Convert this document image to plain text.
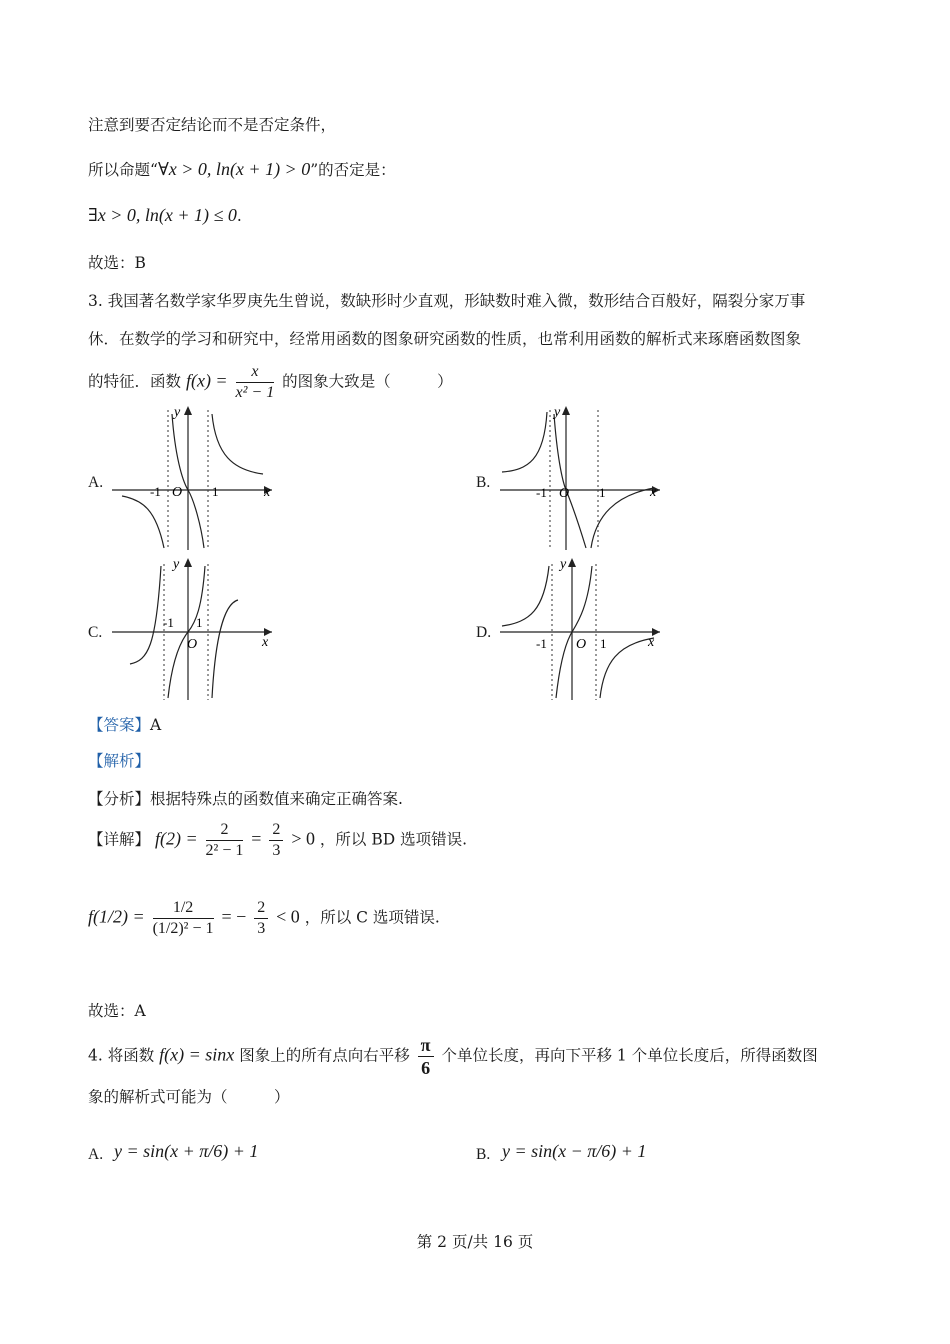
注意到要否定结论而不是否定条件，
所以命题“∀x > 0, ln(x + 1) > 0”的否定是：
∃x > 0, ln(x + 1) ≤ 0.
故选：B
3. 我国著名数学家华罗庚先生曾说，数缺形时少直观，形缺数时难入微，数形结合百般好，隔裂分家万事
休．在数学的学习和研究中，经常用函数的图象研究函数的性质，也常利用函数的解析式来琢磨函数图象
的特征．函数 $f(x) = \frac{x}{\text{x² − 1}}$ 的图象大致是（　　　）
A.	B.
C.	D.
x
y
O
-1	1	x
y
O
-1	1
x
y
O
-1 1
x
y
O
-1	1
【答案】A
【解析】
【分析】根据特殊点的函数值来确定正确答案.
【详解】 $f(2) = \frac{2}{\text{2² − 1}} = \frac{2}{3} > 0$ ，所以 BD 选项错误.
$f(1/2) = \frac{1/2}{\text{(1/2)² − 1}}$ = − $\frac{2}{3} < 0$ ，所以 C 选项错误.
故选：A
4. 将函数 f(x) = sinx 图象上的所有点向右平移 $\frac{\pi}{6}$ 个单位长度，再向下平移 1 个单位长度后，所得函数图
象的解析式可能为（　　　）
A. y = sin(x + π/6) + 1	B. y = sin(x − π/6) + 1
第 2 页/共 16 页
